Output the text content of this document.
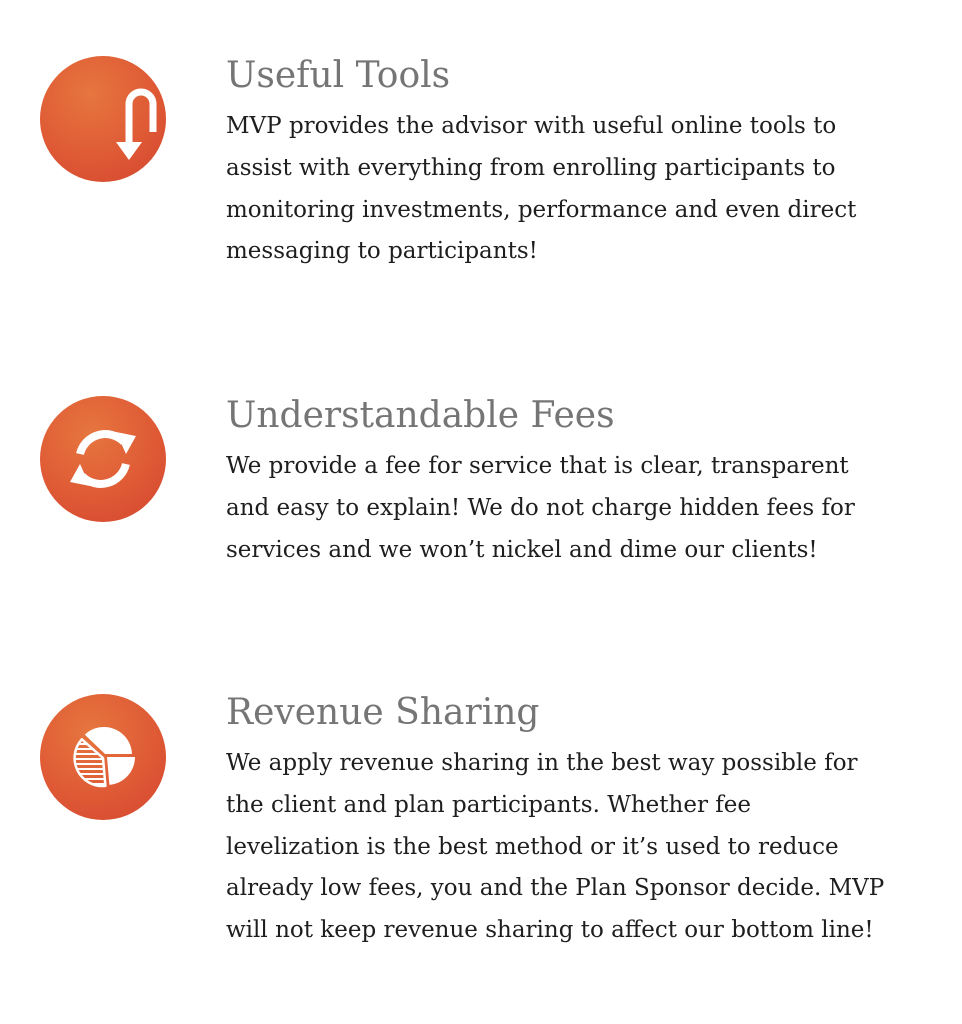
Useful Tools

MVP provides the advisor with useful online tools to assist with everything from enrolling participants to monitoring investments, performance and even direct messaging to participants!

Understandable Fees

We provide a fee for service that is clear, transparent and easy to explain! We do not charge hidden fees for services and we won’t nickel and dime our clients!

Revenue Sharing

We apply revenue sharing in the best way possible for the client and plan participants. Whether fee levelization is the best method or it’s used to reduce already low fees, you and the Plan Sponsor decide. MVP will not keep revenue sharing to affect our bottom line!
